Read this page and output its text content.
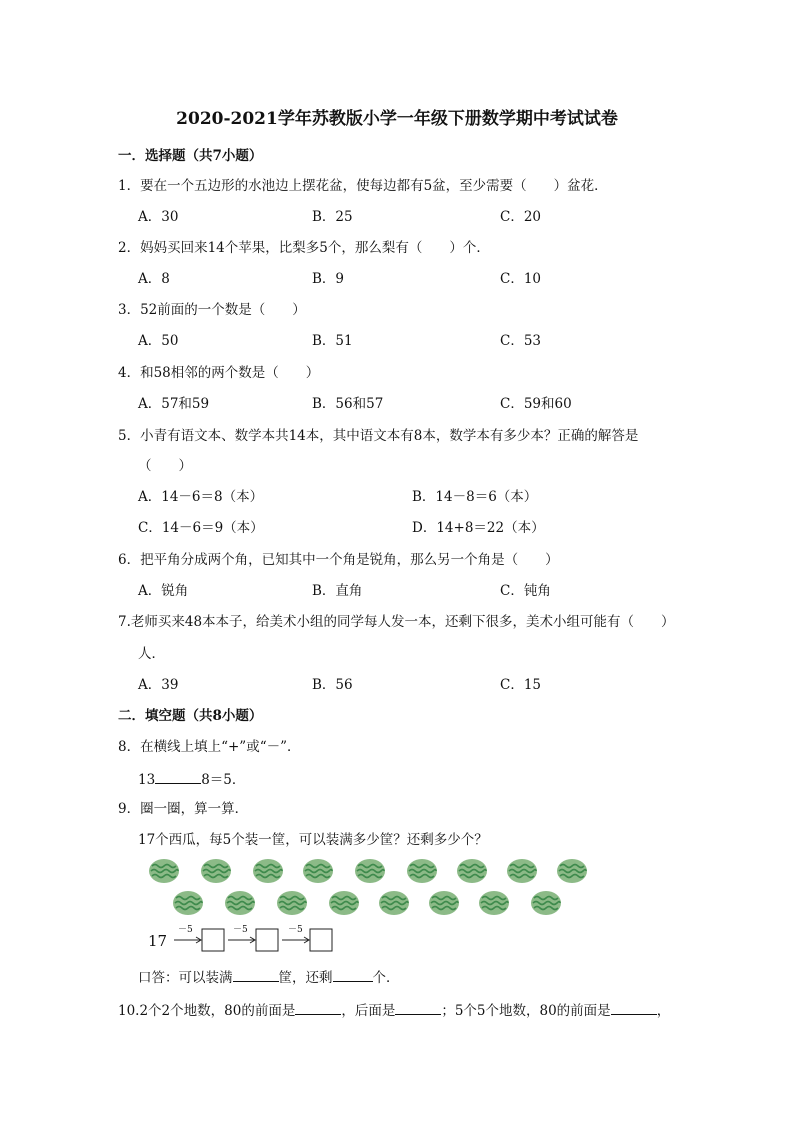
2020-2021学年苏教版小学一年级下册数学期中考试试卷
一．选择题（共7小题）
1．要在一个五边形的水池边上摆花盆，使每边都有5盆，至少需要（　　）盆花．
A．30	B．25	C．20
2．妈妈买回来14个苹果，比梨多5个，那么梨有（　　）个．
A．8	B．9	C．10
3．52前面的一个数是（　　）
A．50	B．51	C．53
4．和58相邻的两个数是（　　）
A．57和59	B．56和57	C．59和60
5．小青有语文本、数学本共14本，其中语文本有8本，数学本有多少本？正确的解答是
（　　）
A．14－6＝8（本）	B．14－8＝6（本）
C．14－6＝9（本）	D．14+8＝22（本）
6．把平角分成两个角，已知其中一个角是锐角，那么另一个角是（　　）
A．锐角	B．直角	C．钝角
7.老师买来48本本子，给美术小组的同学每人发一本，还剩下很多，美术小组可能有（　　）
人．
A．39	B．56	C．15
二．填空题（共8小题）
8．在横线上填上“+”或“－”．
13	8＝5．
9．圈一圈，算一算．
17个西瓜，每5个装一筐，可以装满多少筐？还剩多少个？
17
－5	－5	－5
口答：可以装满	筐，还剩	个．
10.2个2个地数，80的前面是	，后面是	；5个5个地数，80的前面是	，
